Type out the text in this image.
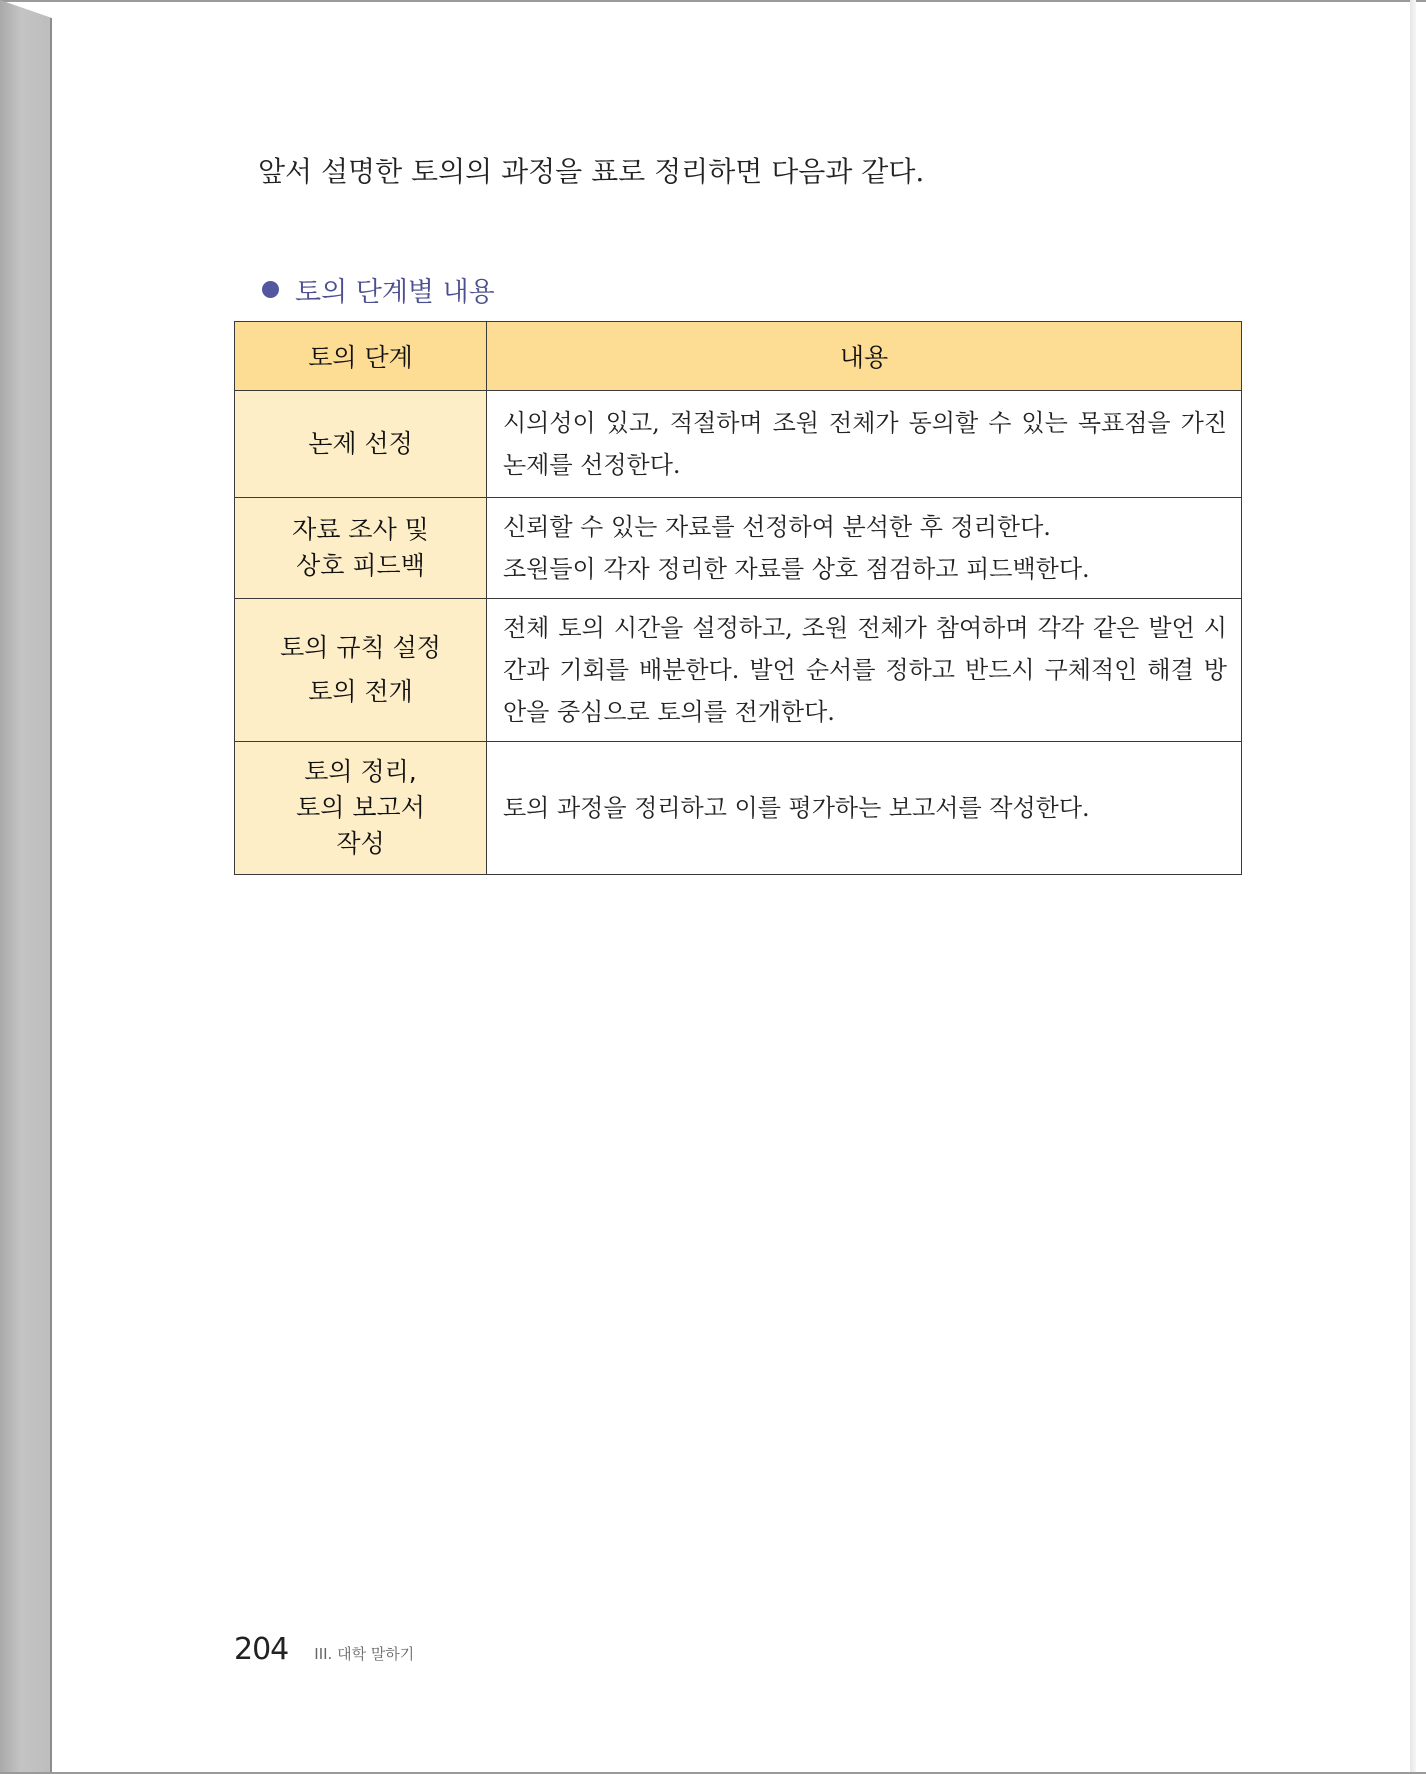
앞서 설명한 토의의 과정을 표로 정리하면 다음과 같다.
토의 단계별 내용
토의 단계	내용

논제 선정	시의성이 있고, 적절하며 조원 전체가 동의할 수 있는 목표점을 가진 논제를 선정한다.

자료 조사 및
상호 피드백	신뢰할 수 있는 자료를 선정하여 분석한 후 정리한다.
조원들이 각자 정리한 자료를 상호 점검하고 피드백한다.

토의 규칙 설정
토의 전개	전체 토의 시간을 설정하고, 조원 전체가 참여하며 각각 같은 발언 시간과 기회를 배분한다. 발언 순서를 정하고 반드시 구체적인 해결 방안을 중심으로 토의를 전개한다.

토의 정리,
토의 보고서
작성	토의 과정을 정리하고 이를 평가하는 보고서를 작성한다.
204 III. 대학 말하기
